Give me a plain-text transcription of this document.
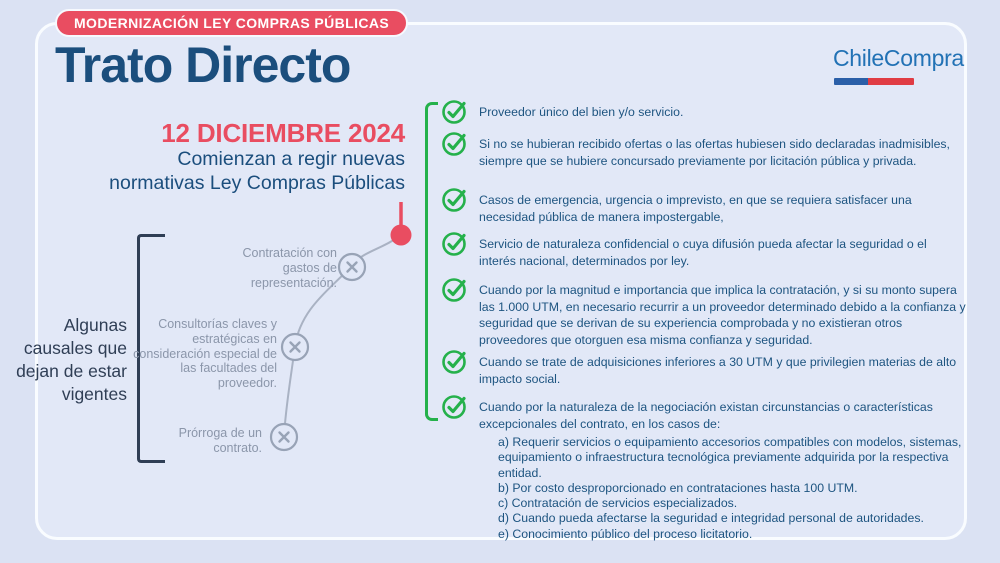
MODERNIZACIÓN LEY COMPRAS PÚBLICAS
Trato Directo	ChileCompra
12 DICIEMBRE 2024
Comienzan a regir nuevas
normativas Ley Compras Públicas
Algunas causales que dejan de estar vigentes
Contratación con gastos de representación.
Consultorías claves y estratégicas en consideración especial de las facultades del proveedor.
Prórroga de un contrato.
Proveedor único del bien y/o servicio.
Si no se hubieran recibido ofertas o las ofertas hubiesen sido declaradas inadmisibles, siempre que se hubiere concursado previamente por licitación pública y privada.
Casos de emergencia, urgencia o imprevisto, en que se requiera satisfacer una necesidad pública de manera impostergable,
Servicio de naturaleza confidencial o cuya difusión pueda afectar la seguridad o el interés nacional, determinados por ley.
Cuando por la magnitud e importancia que implica la contratación, y si su monto supera las 1.000 UTM, en necesario recurrir a un proveedor determinado debido a la confianza y seguridad que se derivan de su experiencia comprobada y no existieran otros proveedores que otorguen esa misma confianza y seguridad.
Cuando se trate de adquisiciones inferiores a 30 UTM y que privilegien materias de alto impacto social.
Cuando por la naturaleza de la negociación existan circunstancias o características excepcionales del contrato, en los casos de:
a) Requerir servicios o equipamiento accesorios compatibles con modelos, sistemas, equipamiento o infraestructura tecnológica previamente adquirida por la respectiva entidad.
b) Por costo desproporcionado en contrataciones hasta 100 UTM.
c) Contratación de servicios especializados.
d) Cuando pueda afectarse la seguridad e integridad personal de autoridades.
e) Conocimiento público del proceso licitatorio.
